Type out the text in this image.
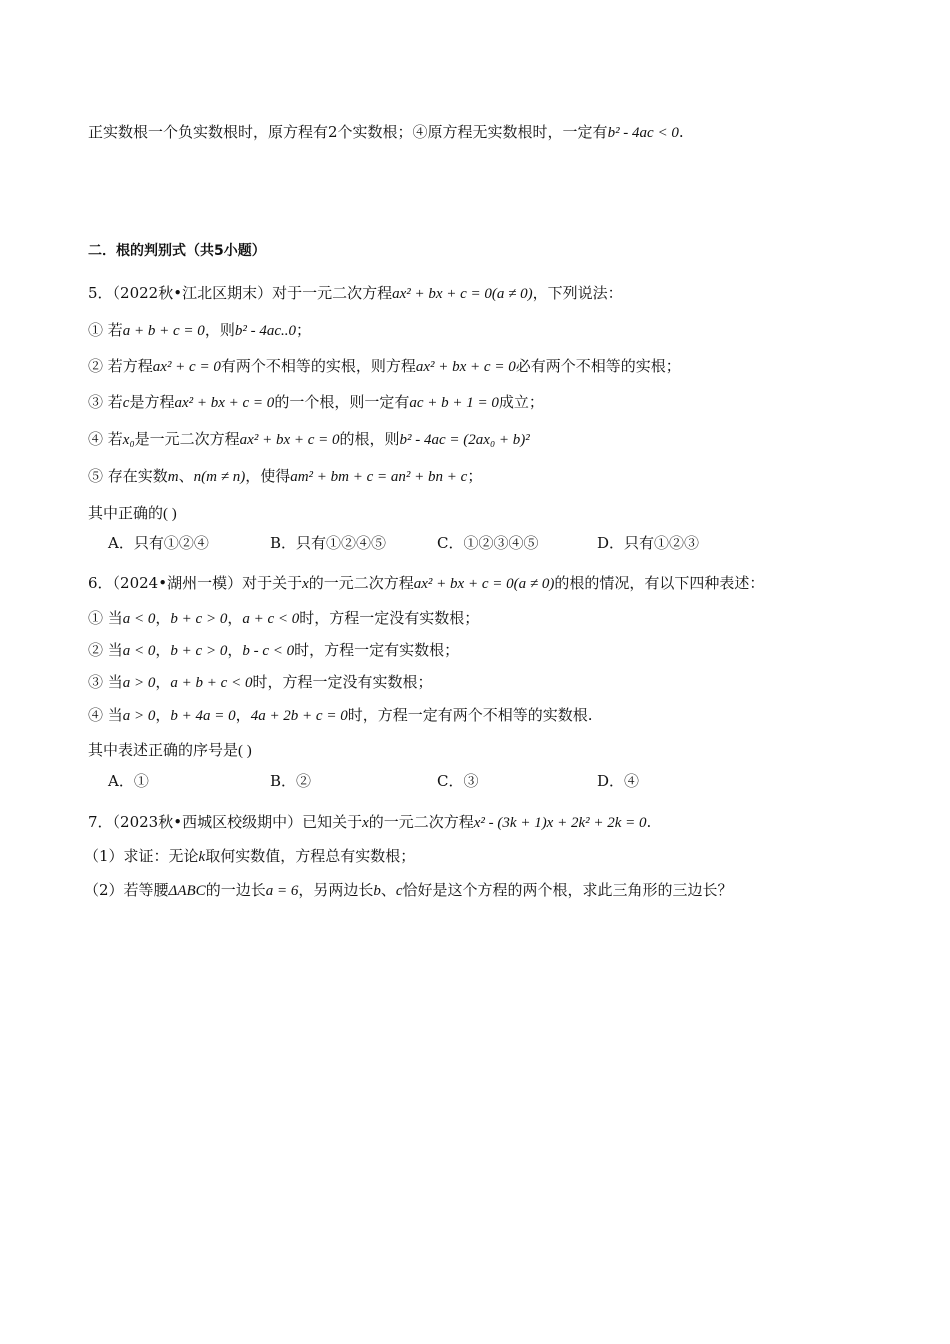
正实数根一个负实数根时，原方程有2个实数根；④原方程无实数根时，一定有b² - 4ac < 0.
二．根的判别式（共5小题）
5．（2022秋•江北区期末）对于一元二次方程ax² + bx + c = 0(a ≠ 0)，下列说法：
① 若a + b + c = 0，则b² - 4ac..0；
② 若方程ax² + c = 0有两个不相等的实根，则方程ax² + bx + c = 0必有两个不相等的实根；
③ 若c是方程ax² + bx + c = 0的一个根，则一定有ac + b + 1 = 0成立；
④ 若x₀是一元二次方程ax² + bx + c = 0的根，则b² - 4ac = (2ax₀ + b)²
⑤ 存在实数m、n(m ≠ n)，使得am² + bm + c = an² + bn + c；
其中正确的( )
A．只有①②④	B．只有①②④⑤	C．①②③④⑤	D．只有①②③
6．（2024•湖州一模）对于关于x的一元二次方程ax² + bx + c = 0(a ≠ 0)的根的情况，有以下四种表述：
① 当a < 0，b + c > 0，a + c < 0时，方程一定没有实数根；
② 当a < 0，b + c > 0，b - c < 0时，方程一定有实数根；
③ 当a > 0，a + b + c < 0时，方程一定没有实数根；
④ 当a > 0，b + 4a = 0，4a + 2b + c = 0时，方程一定有两个不相等的实数根.
其中表述正确的序号是( )
A．①	B．②	C．③	D．④
7．（2023秋•西城区校级期中）已知关于x的一元二次方程x² - (3k + 1)x + 2k² + 2k = 0.
（1）求证：无论k取何实数值，方程总有实数根；
（2）若等腰ΔABC的一边长a = 6，另两边长b、c恰好是这个方程的两个根，求此三角形的三边长？
